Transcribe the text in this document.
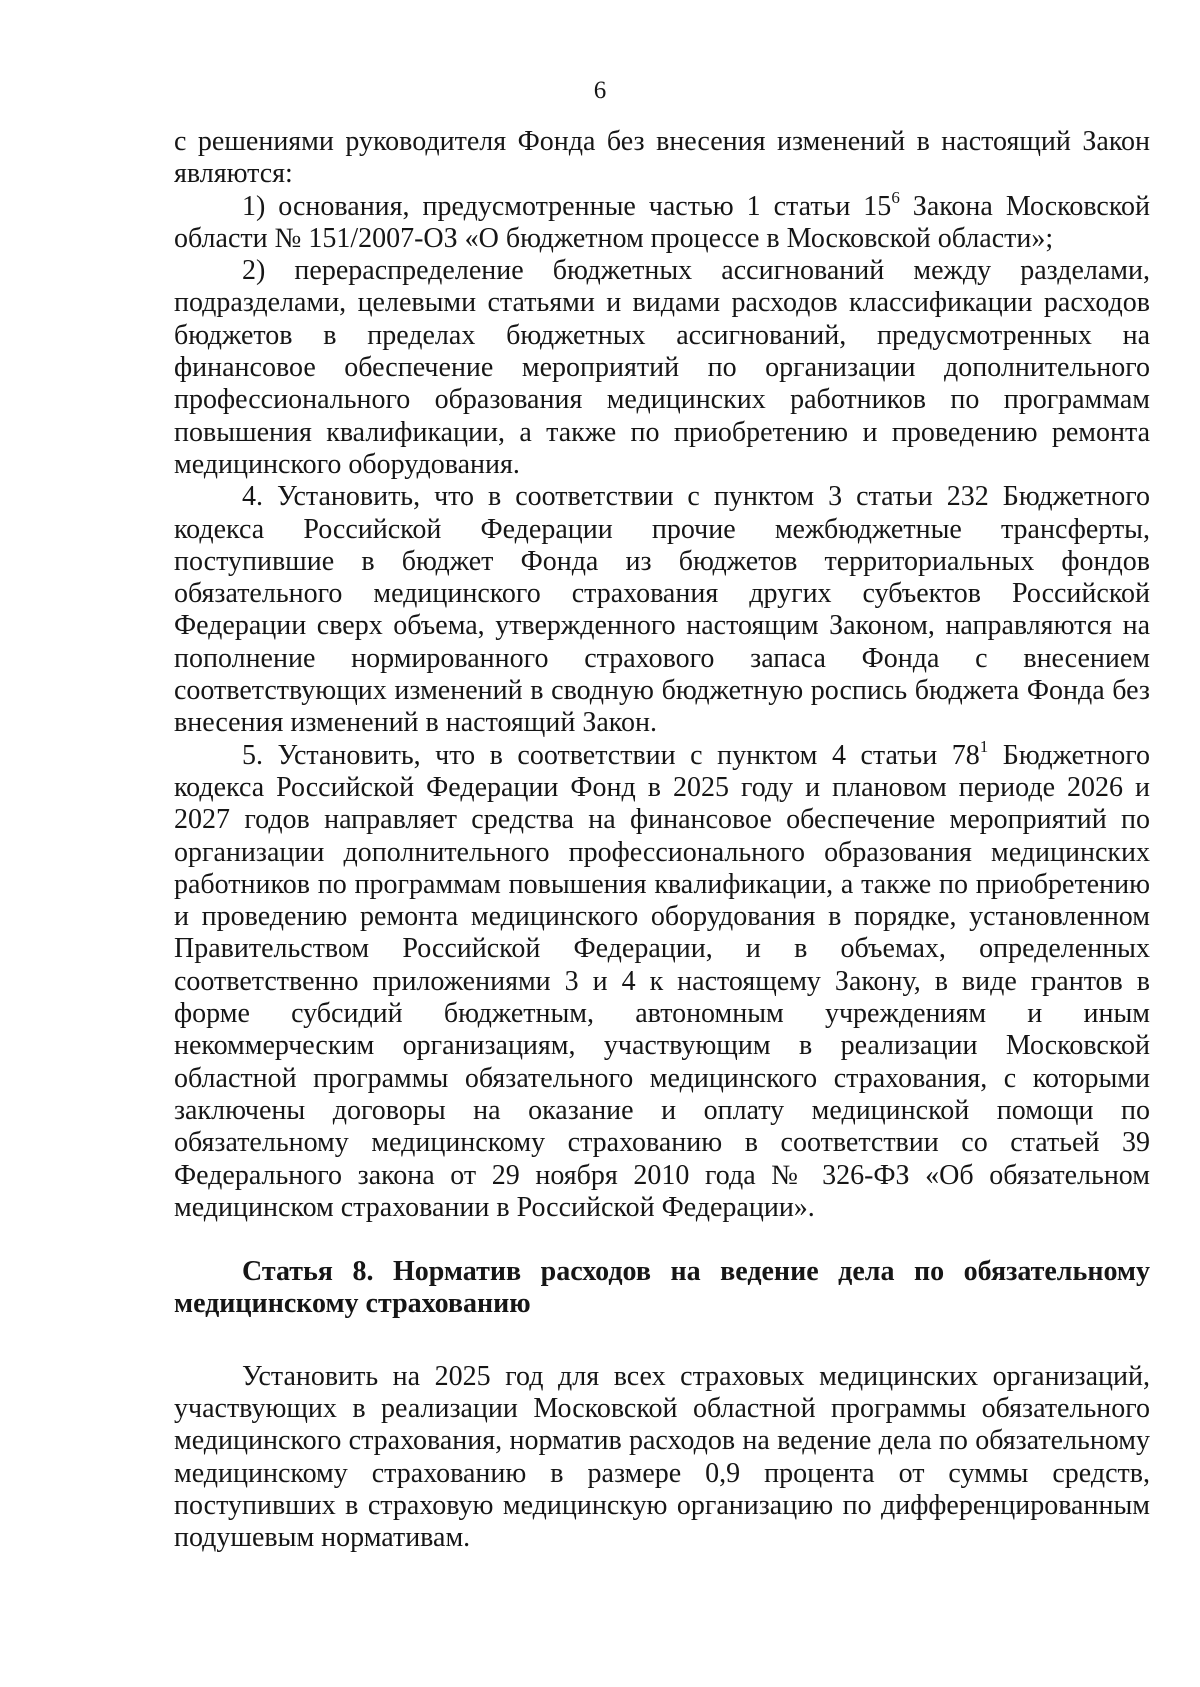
6

с решениями руководителя Фонда без внесения изменений в настоящий Закон являются:

1) основания, предусмотренные частью 1 статьи $15^6$ Закона Московской области № 151/2007-ОЗ «О бюджетном процессе в Московской области»;

2) перераспределение бюджетных ассигнований между разделами, подразделами, целевыми статьями и видами расходов классификации расходов бюджетов в пределах бюджетных ассигнований, предусмотренных на финансовое обеспечение мероприятий по организации дополнительного профессионального образования медицинских работников по программам повышения квалификации, а также по приобретению и проведению ремонта медицинского оборудования.

4. Установить, что в соответствии с пунктом 3 статьи 232 Бюджетного кодекса Российской Федерации прочие межбюджетные трансферты, поступившие в бюджет Фонда из бюджетов территориальных фондов обязательного медицинского страхования других субъектов Российской Федерации сверх объема, утвержденного настоящим Законом, направляются на пополнение нормированного страхового запаса Фонда с внесением соответствующих изменений в сводную бюджетную роспись бюджета Фонда без внесения изменений в настоящий Закон.

5. Установить, что в соответствии с пунктом 4 статьи $78^1$ Бюджетного кодекса Российской Федерации Фонд в 2025 году и плановом периоде 2026 и 2027 годов направляет средства на финансовое обеспечение мероприятий по организации дополнительного профессионального образования медицинских работников по программам повышения квалификации, а также по приобретению и проведению ремонта медицинского оборудования в порядке, установленном Правительством Российской Федерации, и в объемах, определенных соответственно приложениями 3 и 4 к настоящему Закону, в виде грантов в форме субсидий бюджетным, автономным учреждениям и иным некоммерческим организациям, участвующим в реализации Московской областной программы обязательного медицинского страхования, с которыми заключены договоры на оказание и оплату медицинской помощи по обязательному медицинскому страхованию в соответствии со статьей 39 Федерального закона от 29 ноября 2010 года № 326-ФЗ «Об обязательном медицинском страховании в Российской Федерации».

Статья 8. Норматив расходов на ведение дела по обязательному медицинскому страхованию

Установить на 2025 год для всех страховых медицинских организаций, участвующих в реализации Московской областной программы обязательного медицинского страхования, норматив расходов на ведение дела по обязательному медицинскому страхованию в размере 0,9 процента от суммы средств, поступивших в страховую медицинскую организацию по дифференцированным подушевым нормативам.
